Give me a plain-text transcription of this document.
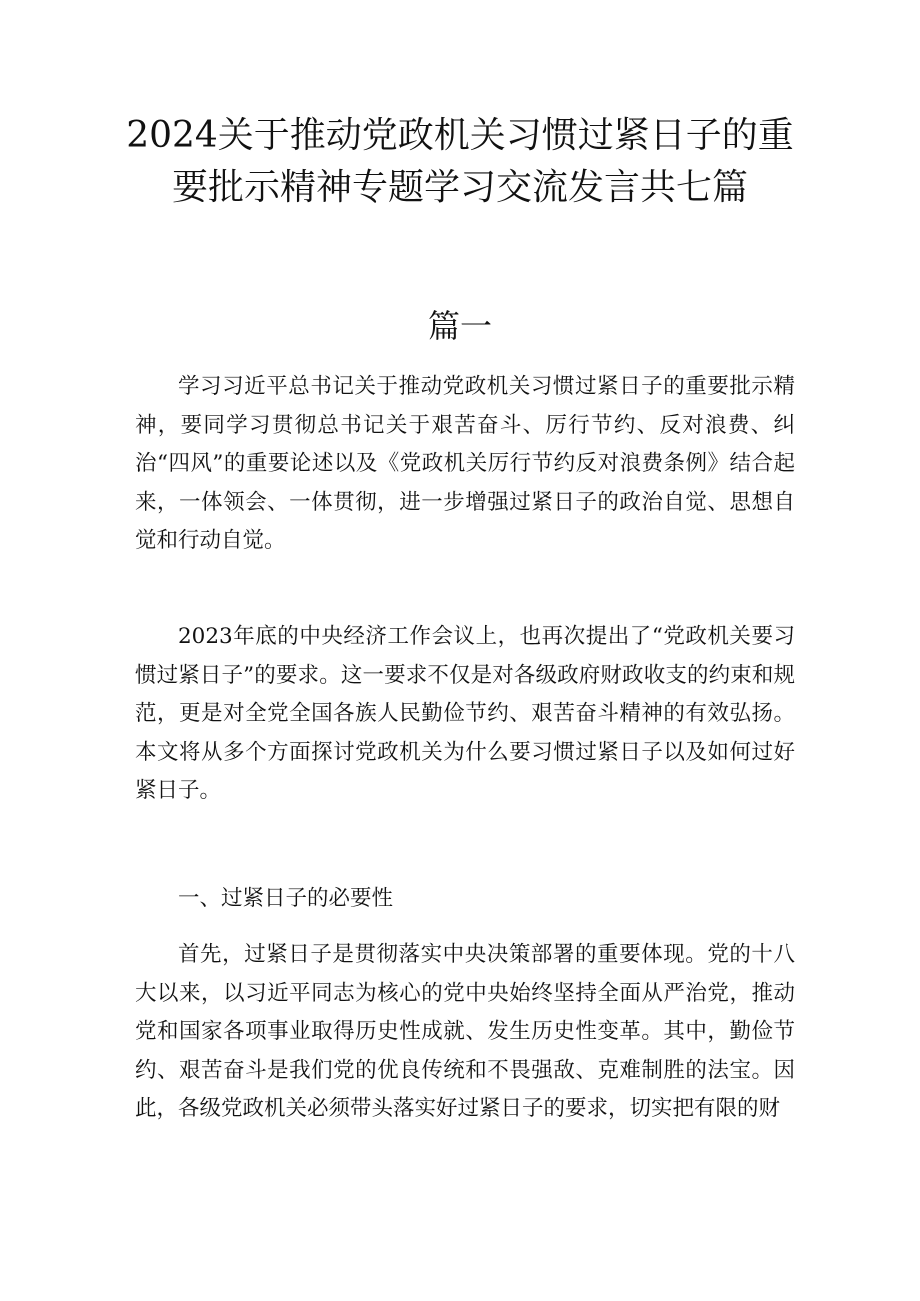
2024关于推动党政机关习惯过紧日子的重要批示精神专题学习交流发言共七篇
篇一

学习习近平总书记关于推动党政机关习惯过紧日子的重要批示精神，要同学习贯彻总书记关于艰苦奋斗、厉行节约、反对浪费、纠治“四风”的重要论述以及《党政机关厉行节约反对浪费条例》结合起来，一体领会、一体贯彻，进一步增强过紧日子的政治自觉、思想自觉和行动自觉。

2023年底的中央经济工作会议上，也再次提出了“党政机关要习惯过紧日子”的要求。这一要求不仅是对各级政府财政收支的约束和规范，更是对全党全国各族人民勤俭节约、艰苦奋斗精神的有效弘扬。本文将从多个方面探讨党政机关为什么要习惯过紧日子以及如何过好紧日子。

一、过紧日子的必要性

首先，过紧日子是贯彻落实中央决策部署的重要体现。党的十八大以来，以习近平同志为核心的党中央始终坚持全面从严治党，推动党和国家各项事业取得历史性成就、发生历史性变革。其中，勤俭节约、艰苦奋斗是我们党的优良传统和不畏强敌、克难制胜的法宝。因此，各级党政机关必须带头落实好过紧日子的要求，切实把有限的财
